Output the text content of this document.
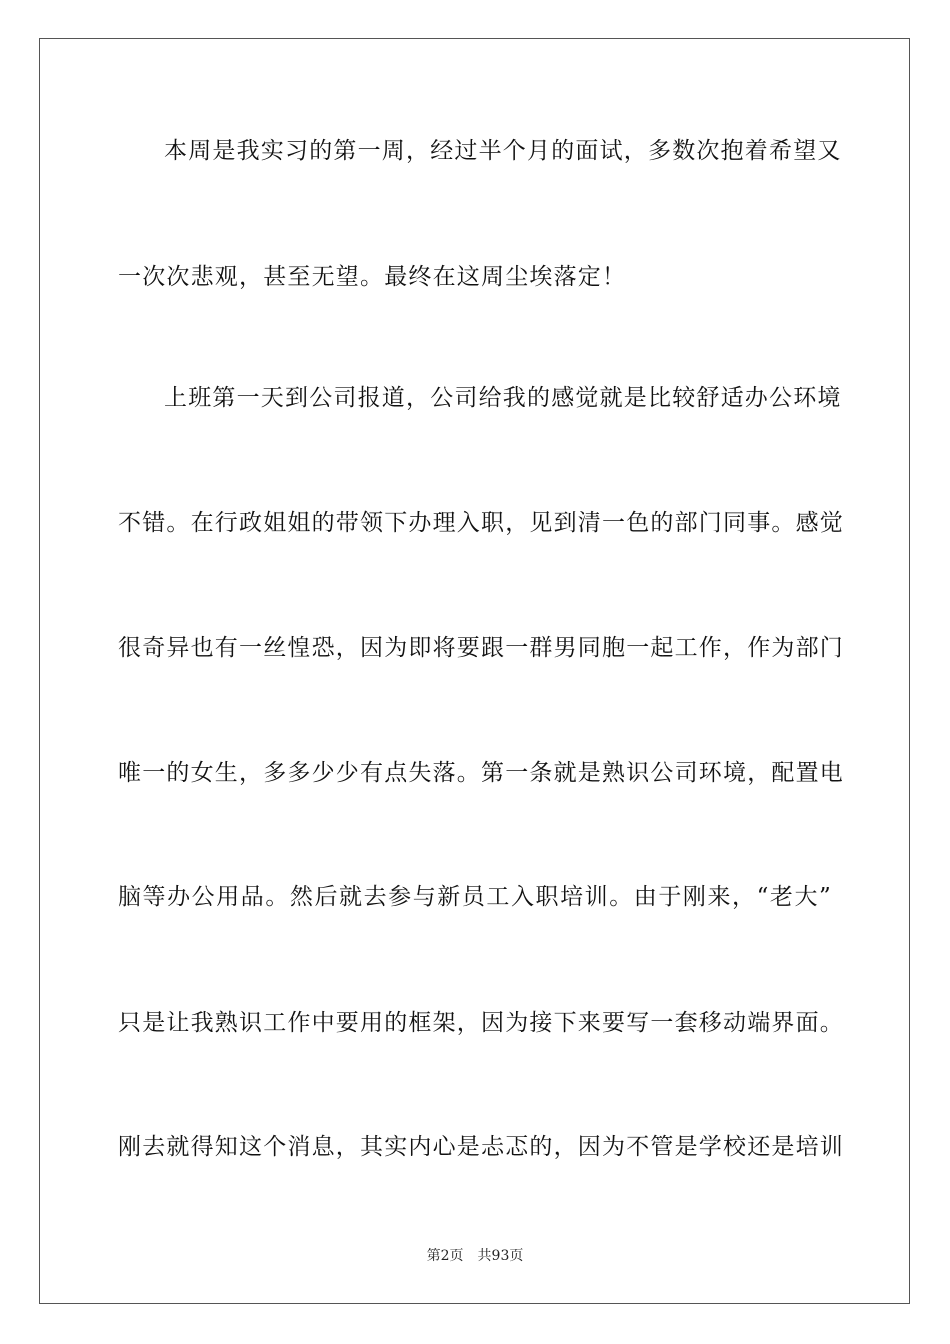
本周是我实习的第一周，经过半个月的面试，多数次抱着希望又
一次次悲观，甚至无望。最终在这周尘埃落定！
上班第一天到公司报道，公司给我的感觉就是比较舒适办公环境
不错。在行政姐姐的带领下办理入职，见到清一色的部门同事。感觉
很奇异也有一丝惶恐，因为即将要跟一群男同胞一起工作，作为部门
唯一的女生，多多少少有点失落。第一条就是熟识公司环境，配置电
脑等办公用品。然后就去参与新员工入职培训。由于刚来，“老大”
只是让我熟识工作中要用的框架，因为接下来要写一套移动端界面。
刚去就得知这个消息，其实内心是忐忑的，因为不管是学校还是培训
第2页 共93页
